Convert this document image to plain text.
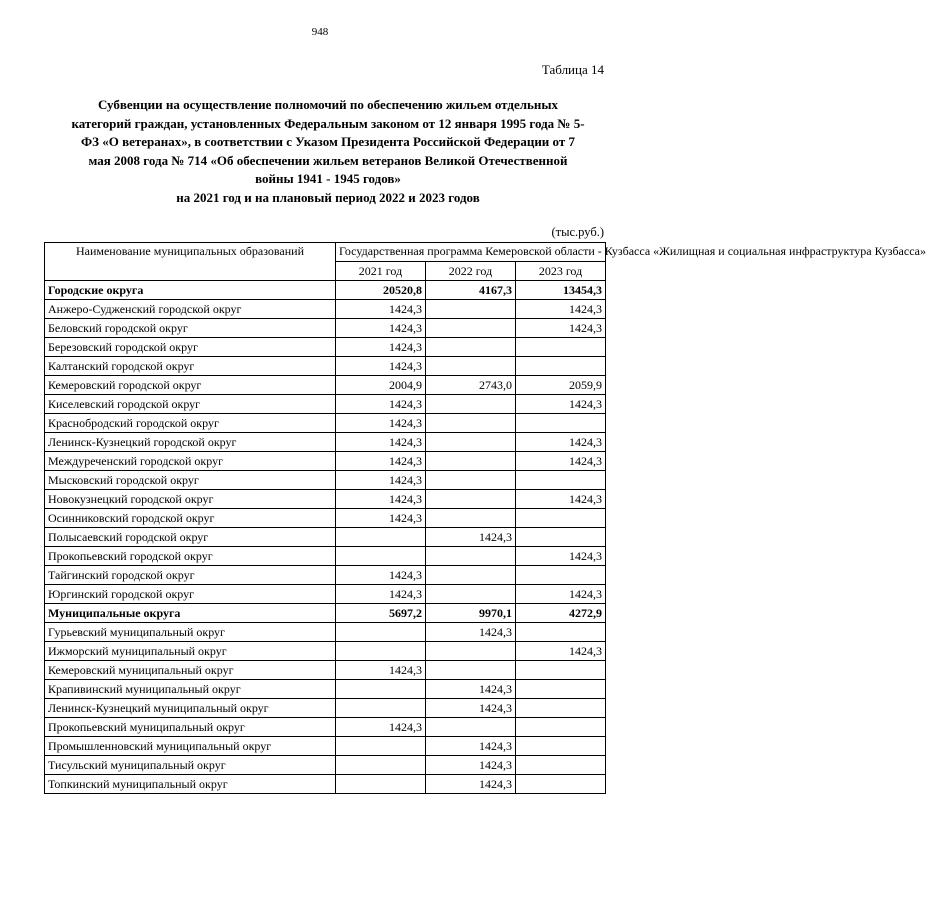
948
Таблица 14
Субвенции на осуществление полномочий по обеспечению жильем отдельных
категорий граждан, установленных Федеральным законом от 12 января 1995 года № 5-
ФЗ «О ветеранах», в соответствии с Указом Президента Российской Федерации от 7
мая 2008 года № 714 «Об обеспечении жильем ветеранов Великой Отечественной
войны 1941 - 1945 годов»
на 2021 год и на плановый период 2022 и 2023 годов
(тыс.руб.)
Наименование муниципальных образований	Государственная программа Кемеровской области - Кузбасса «Жилищная и социальная инфраструктура Кузбасса»		
	2021 год	2022 год	2023 год
Городские округа	20520,8	4167,3	13454,3
Анжеро-Судженский городской округ	1424,3		1424,3
Беловский городской округ	1424,3		1424,3
Березовский городской округ	1424,3		
Калтанский городской округ	1424,3		
Кемеровский городской округ	2004,9	2743,0	2059,9
Киселевский городской округ	1424,3		1424,3
Краснобродский городской округ	1424,3		
Ленинск-Кузнецкий городской округ	1424,3		1424,3
Междуреченский городской округ	1424,3		1424,3
Мысковский городской округ	1424,3		
Новокузнецкий городской округ	1424,3		1424,3
Осинниковский городской округ	1424,3		
Полысаевский городской округ		1424,3	
Прокопьевский городской округ			1424,3
Тайгинский городской округ	1424,3		
Юргинский городской округ	1424,3		1424,3
Муниципальные округа	5697,2	9970,1	4272,9
Гурьевский муниципальный округ		1424,3	
Ижморский муниципальный округ			1424,3
Кемеровский муниципальный округ	1424,3		
Крапивинский муниципальный округ		1424,3	
Ленинск-Кузнецкий муниципальный округ		1424,3	
Прокопьевский муниципальный округ	1424,3		
Промышленновский муниципальный округ		1424,3	
Тисульский муниципальный округ		1424,3	
Топкинский муниципальный округ		1424,3	
